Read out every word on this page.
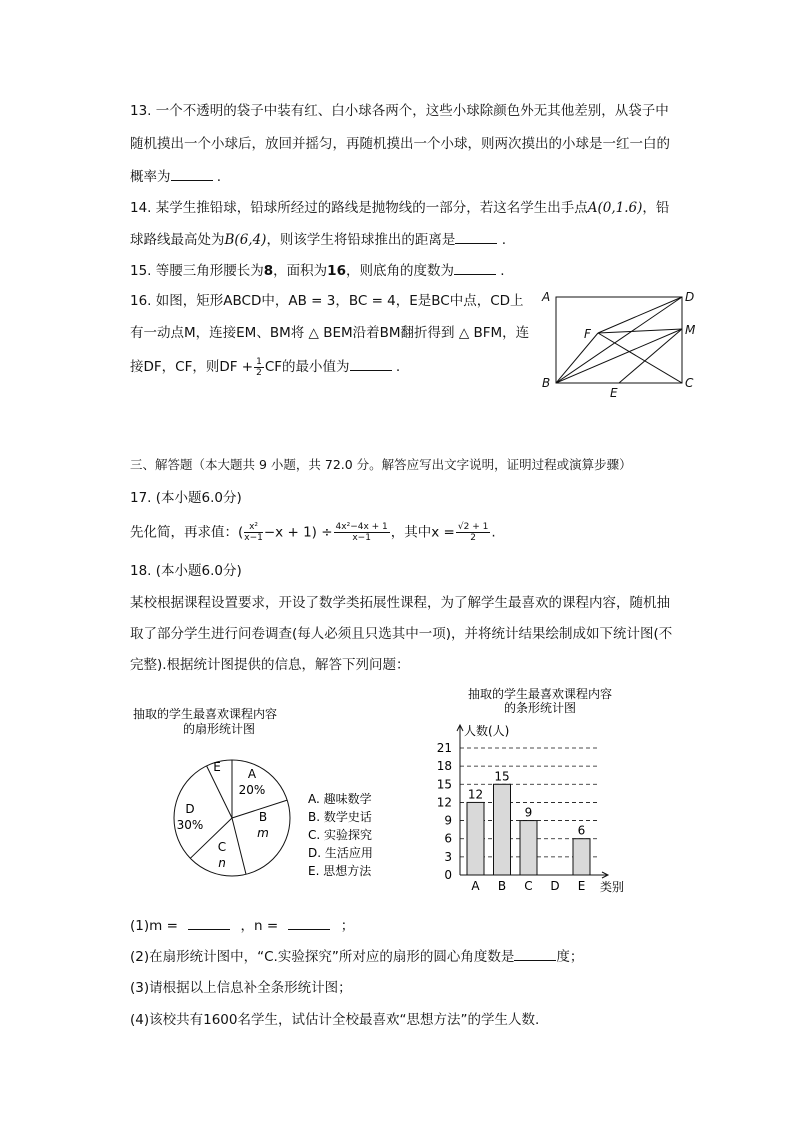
13. 一个不透明的袋子中装有红、白小球各两个，这些小球除颜色外无其他差别，从袋子中
随机摸出一个小球后，放回并摇匀，再随机摸出一个小球，则两次摸出的小球是一红一白的
概率为	.
14. 某学生推铅球，铅球所经过的路线是抛物线的一部分，若这名学生出手点A(0,1.6)，铅
球路线最高处为B(6,4)，则该学生将铅球推出的距离是	.
15. 等腰三角形腰长为8，面积为16，则底角的度数为	.
16. 如图，矩形ABCD中，AB = 3，BC = 4，E是BC中点，CD上
有一动点M，连接EM、BM将 △ BEM沿着BM翻折得到 △ BFM，连
接DF，CF，则DF + $\frac{1}{2}$ CF的最小值为	.
A	D
F	M
B
E
C
三、解答题（本大题共 9 小题，共 72.0 分。解答应写出文字说明，证明过程或演算步骤）
17. (本小题6.0分)
先化简，再求值：( $\frac{\text{x²}}{x-1} -x + 1) \div \frac{\text{4x²−4x + 1}}{x-1}$ ，其中$x = \frac{√2 + 1}{2}$ .
18. (本小题6.0分)
某校根据课程设置要求，开设了数学类拓展性课程，为了解学生最喜欢的课程内容，随机抽
取了部分学生进行问卷调查(每人必须且只选其中一项)，并将统计结果绘制成如下统计图(不
完整).根据统计图提供的信息，解答下列问题：
抽取的学生最喜欢课程内容
的扇形统计图
A
20%
B
m
C
n
D
30%
E
A. 趣味数学
B. 数学史话
C. 实验探究
D. 生活应用
E. 思想方法
抽取的学生最喜欢课程内容
的条形统计图
人数(人)
类别
0
3
6
9
12
15
18
21
12
A
15
B
9
C D
6
E
(1)m =	，n =	；
(2)在扇形统计图中，“C.实验探究”所对应的扇形的圆心角度数是	度；
(3)请根据以上信息补全条形统计图；
(4)该校共有1600名学生，试估计全校最喜欢“思想方法”的学生人数.
